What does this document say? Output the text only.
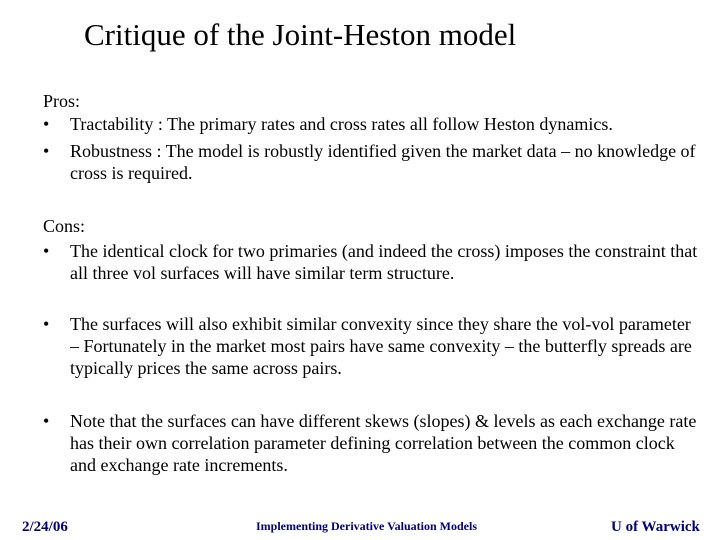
Critique of the Joint-Heston model
Pros:
•	Tractability : The primary rates and cross rates all follow Heston dynamics.
•	Robustness : The model is robustly identified given the market data – no knowledge of cross is required.
Cons:
•	The identical clock for two primaries (and indeed the cross) imposes the constraint that all three vol surfaces will have similar term structure.
•	The surfaces will also exhibit similar convexity since they share the vol-vol parameter – Fortunately in the market most pairs have same convexity – the butterfly spreads are typically prices the same across pairs.
•	Note that the surfaces can have different skews (slopes) & levels as each exchange rate has their own correlation parameter defining correlation between the common clock and exchange rate increments.
2/24/06	Implementing Derivative Valuation Models	U of Warwick
